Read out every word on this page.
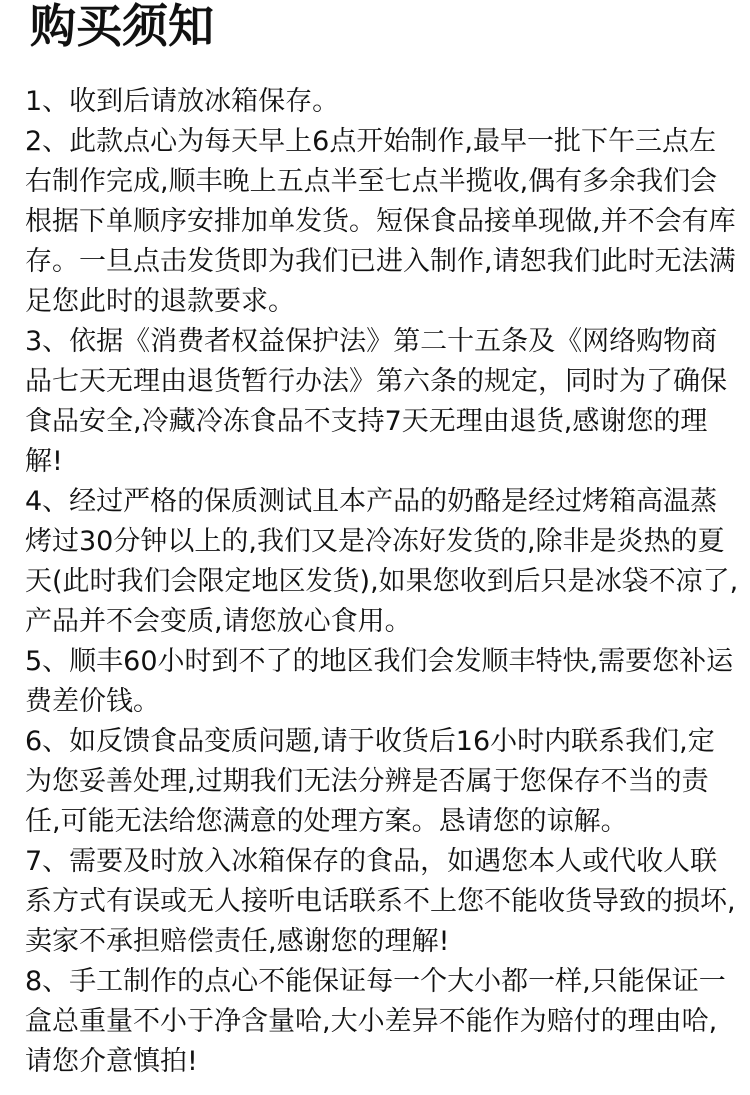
购买须知
1、收到后请放冰箱保存。
2、此款点心为每天早上6点开始制作,最早一批下午三点左右制作完成,顺丰晚上五点半至七点半揽收,偶有多余我们会根据下单顺序安排加单发货。短保食品接单现做,并不会有库存。一旦点击发货即为我们已进入制作,请恕我们此时无法满足您此时的退款要求。
3、依据《消费者权益保护法》第二十五条及《网络购物商品七天无理由退货暂行办法》第六条的规定，同时为了确保食品安全,冷藏冷冻食品不支持7天无理由退货,感谢您的理解!
4、经过严格的保质测试且本产品的奶酪是经过烤箱高温蒸烤过30分钟以上的,我们又是冷冻好发货的,除非是炎热的夏天(此时我们会限定地区发货),如果您收到后只是冰袋不凉了,产品并不会变质,请您放心食用。
5、顺丰60小时到不了的地区我们会发顺丰特快,需要您补运费差价钱。
6、如反馈食品变质问题,请于收货后16小时内联系我们,定为您妥善处理,过期我们无法分辨是否属于您保存不当的责任,可能无法给您满意的处理方案。恳请您的谅解。
7、需要及时放入冰箱保存的食品，如遇您本人或代收人联系方式有误或无人接听电话联系不上您不能收货导致的损坏,卖家不承担赔偿责任,感谢您的理解!
8、手工制作的点心不能保证每一个大小都一样,只能保证一盒总重量不小于净含量哈,大小差异不能作为赔付的理由哈,请您介意慎拍!
